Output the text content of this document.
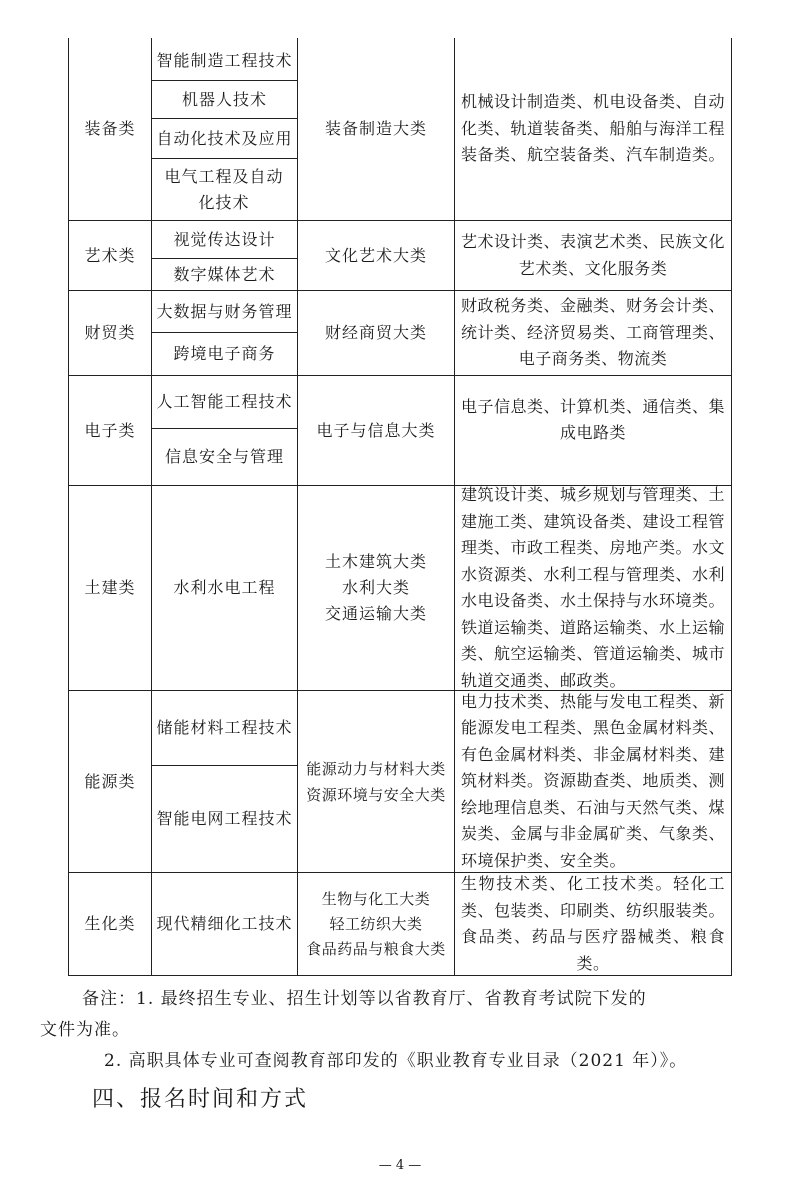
装备类
智能制造工程技术
机器人技术
自动化技术及应用
电气工程及自动化技术
装备制造大类
机械设计制造类、机电设备类、自动化类、轨道装备类、船舶与海洋工程装备类、航空装备类、汽车制造类。
艺术类
视觉传达设计
数字媒体艺术
文化艺术大类
艺术设计类、表演艺术类、民族文化艺术类、文化服务类
财贸类
大数据与财务管理
跨境电子商务
财经商贸大类
财政税务类、金融类、财务会计类、统计类、经济贸易类、工商管理类、电子商务类、物流类
电子类
人工智能工程技术
信息安全与管理
电子与信息大类
电子信息类、计算机类、通信类、集成电路类
土建类	水利水电工程
土木建筑大类
水利大类
交通运输大类
建筑设计类、城乡规划与管理类、土建施工类、建筑设备类、建设工程管理类、市政工程类、房地产类。水文水资源类、水利工程与管理类、水利水电设备类、水土保持与水环境类。铁道运输类、道路运输类、水上运输类、航空运输类、管道运输类、城市轨道交通类、邮政类。
能源类
储能材料工程技术
智能电网工程技术
能源动力与材料大类
资源环境与安全大类
电力技术类、热能与发电工程类、新能源发电工程类、黑色金属材料类、有色金属材料类、非金属材料类、建筑材料类。资源勘查类、地质类、测绘地理信息类、石油与天然气类、煤炭类、金属与非金属矿类、气象类、环境保护类、安全类。
生化类	现代精细化工技术
生物与化工大类
轻工纺织大类
食品药品与粮食大类
生物技术类、化工技术类。轻化工类、包装类、印刷类、纺织服装类。食品类、药品与医疗器械类、粮食类。
备注：1. 最终招生专业、招生计划等以省教育厅、省教育考试院下发的
文件为准。
2. 高职具体专业可查阅教育部印发的《职业教育专业目录（2021 年）》。
四、报名时间和方式
— 4 —
